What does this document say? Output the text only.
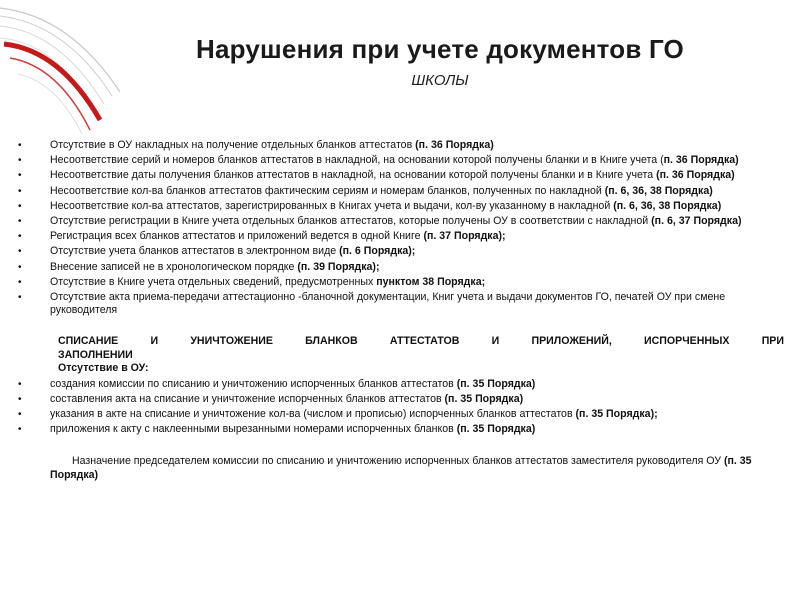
Нарушения при учете документов ГО
ШКОЛЫ
• Отсутствие в ОУ накладных на получение отдельных бланков аттестатов (п. 36 Порядка)
• Несоответствие серий и номеров бланков аттестатов в накладной, на основании которой получены бланки и в Книге учета (п. 36 Порядка)
• Несоответствие даты получения бланков аттестатов в накладной, на основании которой получены бланки и в Книге учета (п. 36 Порядка)
• Несоответствие кол-ва бланков аттестатов фактическим сериям и номерам бланков, полученных по накладной (п. 6, 36, 38 Порядка)
• Несоответствие кол-ва аттестатов, зарегистрированных в Книгах учета и выдачи, кол-ву указанному в накладной (п. 6, 36, 38 Порядка)
• Отсутствие регистрации в Книге учета отдельных бланков аттестатов, которые получены ОУ в соответствии с накладной (п. 6, 37 Порядка)
• Регистрация всех бланков аттестатов и приложений ведется в одной Книге (п. 37 Порядка);
• Отсутствие учета бланков аттестатов в электронном виде (п. 6 Порядка);
• Внесение записей не в хронологическом порядке (п. 39 Порядка);
• Отсутствие в Книге учета отдельных сведений, предусмотренных пунктом 38 Порядка;
• Отсутствие акта приема-передачи аттестационно -бланочной документации, Книг учета и выдачи документов ГО, печатей ОУ при смене руководителя
СПИСАНИЕ И УНИЧТОЖЕНИЕ БЛАНКОВ АТТЕСТАТОВ И ПРИЛОЖЕНИЙ, ИСПОРЧЕННЫХ ПРИ ЗАПОЛНЕНИИ
Отсутствие в ОУ:
• создания комиссии по списанию и уничтожению испорченных бланков аттестатов (п. 35 Порядка)
• составления акта на списание и уничтожение испорченных бланков аттестатов (п. 35 Порядка)
• указания в акте на списание и уничтожение кол-ва (числом и прописью) испорченных бланков аттестатов (п. 35 Порядка);
• приложения к акту с наклеенными вырезанными номерами испорченных бланков (п. 35 Порядка)
Назначение председателем комиссии по списанию и уничтожению испорченных бланков аттестатов заместителя руководителя ОУ (п. 35 Порядка)
